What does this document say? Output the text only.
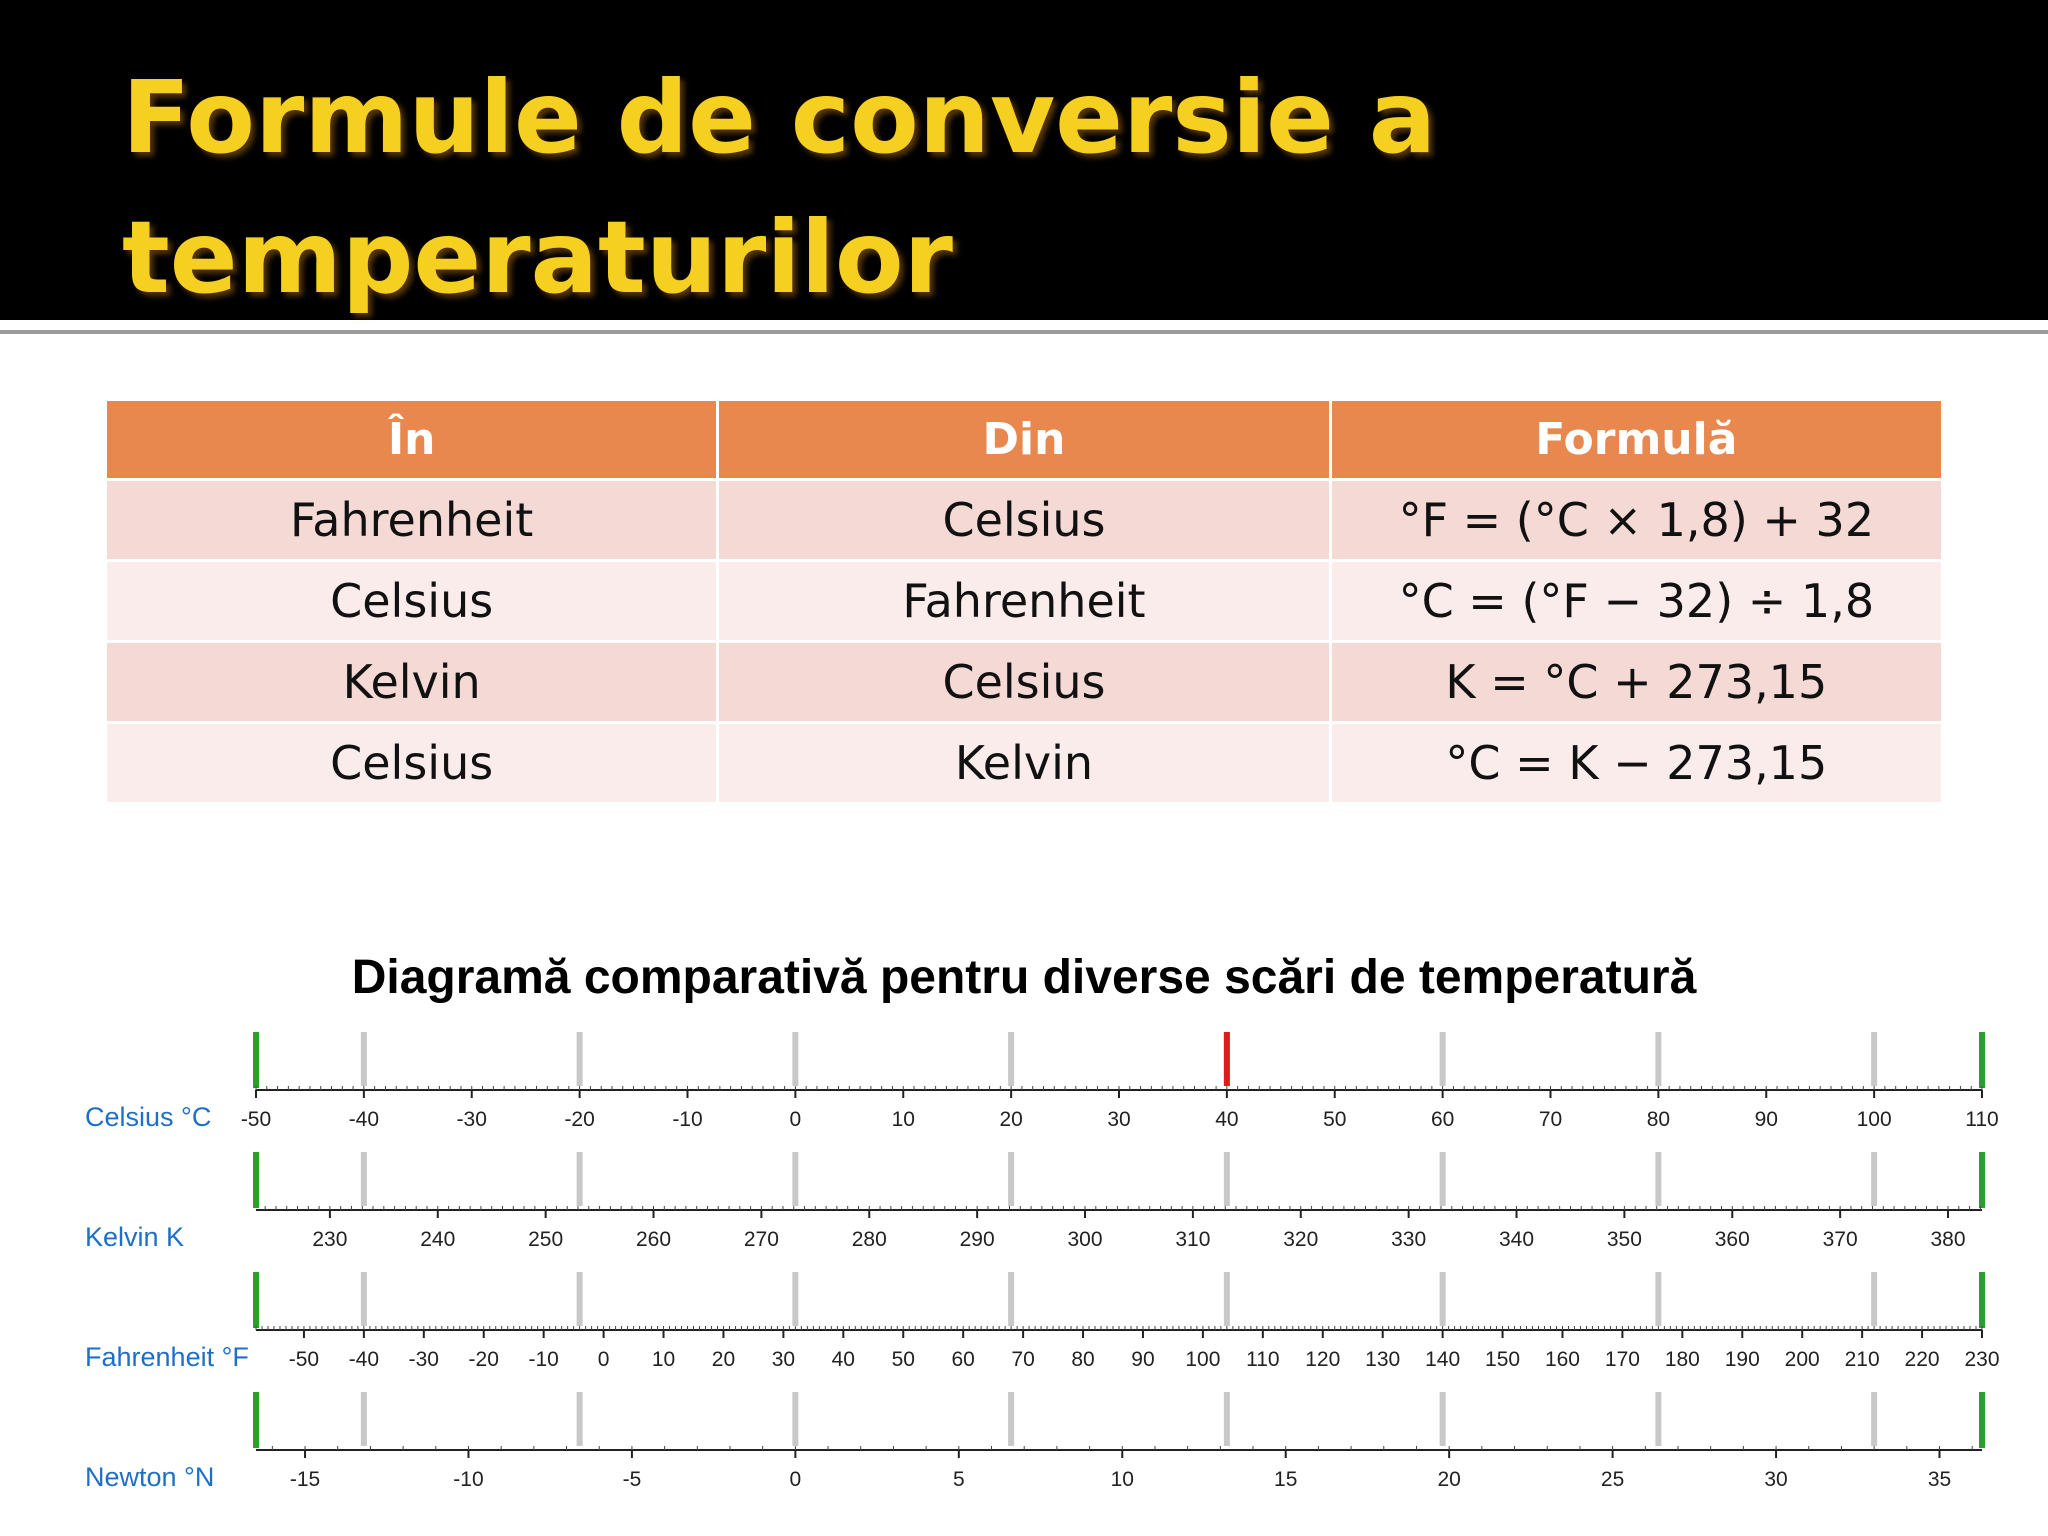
Formule de conversie a
temperaturilor
În	Din	Formulă
Fahrenheit	Celsius	°F = (°C × 1,8) + 32
Celsius	Fahrenheit	°C = (°F − 32) ÷ 1,8
Kelvin	Celsius	K = °C + 273,15
Celsius	Kelvin	°C = K − 273,15
Diagramă comparativă pentru diverse scări de temperatură
Celsius °C -50	-40	-30	-20	-10	0	10	20	30	40	50	60	70	80	90	100	110
Kelvin K	230	240	250	260	270	280	290	300	310	320	330	340	350	360	370	380
Fahrenheit °F -50 -40 -30 -20 -10 0 10 20 30 40 50 60 70 80 90 100 110 120 130 140 150 160 170 180 190 200 210 220 230
Newton °N	-15	-10	-5	0	5	10	15	20	25	30	35
